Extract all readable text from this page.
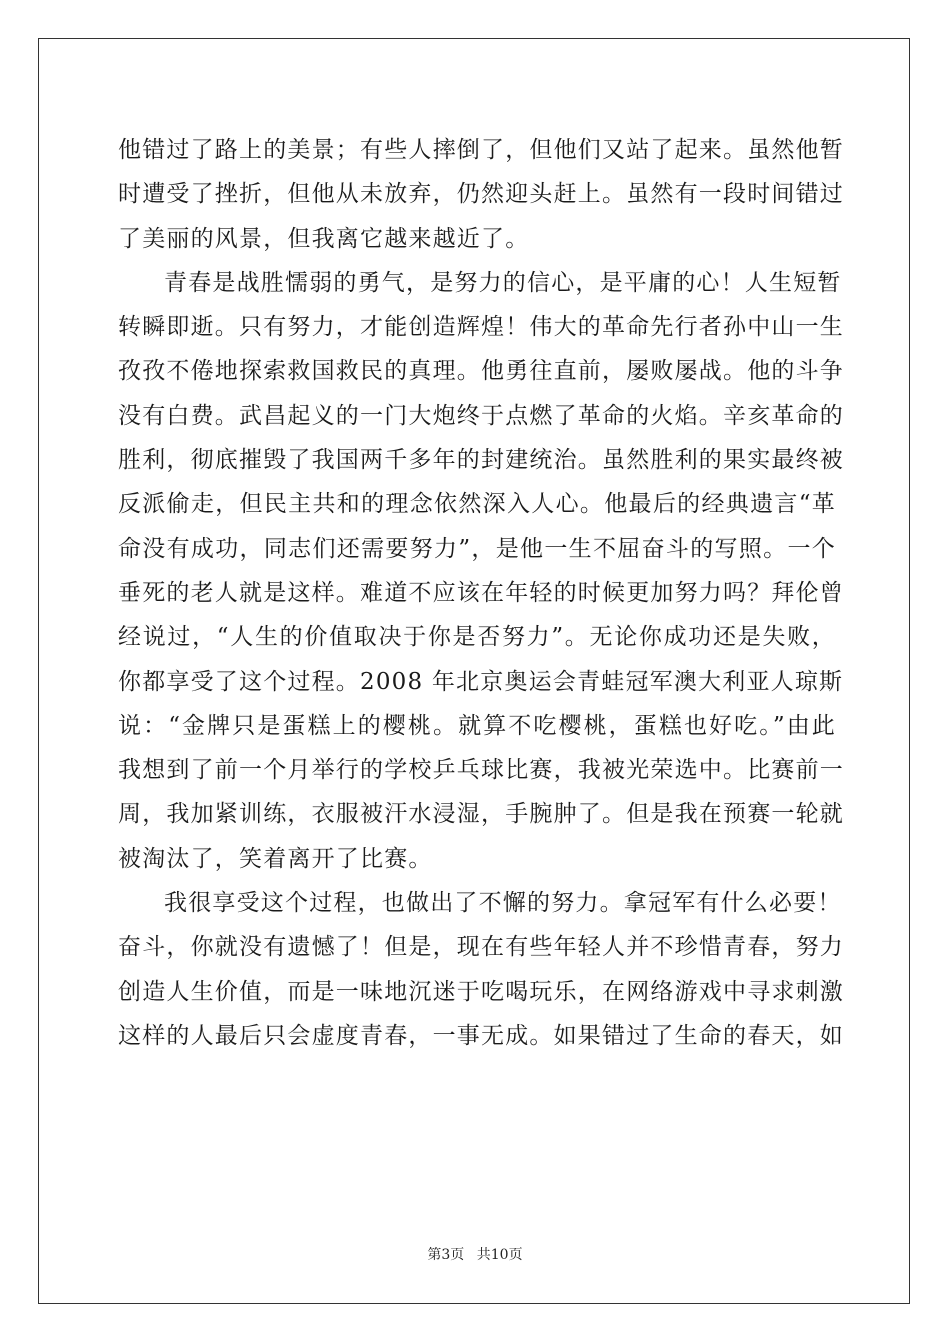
他错过了路上的美景；有些人摔倒了，但他们又站了起来。虽然他暂
时遭受了挫折，但他从未放弃，仍然迎头赶上。虽然有一段时间错过
了美丽的风景，但我离它越来越近了。
青春是战胜懦弱的勇气，是努力的信心，是平庸的心！人生短暂
转瞬即逝。只有努力，才能创造辉煌！伟大的革命先行者孙中山一生
孜孜不倦地探索救国救民的真理。他勇往直前，屡败屡战。他的斗争
没有白费。武昌起义的一门大炮终于点燃了革命的火焰。辛亥革命的
胜利，彻底摧毁了我国两千多年的封建统治。虽然胜利的果实最终被
反派偷走，但民主共和的理念依然深入人心。他最后的经典遗言“革
命没有成功，同志们还需要努力”，是他一生不屈奋斗的写照。一个
垂死的老人就是这样。难道不应该在年轻的时候更加努力吗？拜伦曾
经说过，“人生的价值取决于你是否努力”。无论你成功还是失败，
你都享受了这个过程。2008 年北京奥运会青蛙冠军澳大利亚人琼斯
说：“金牌只是蛋糕上的樱桃。就算不吃樱桃，蛋糕也好吃。”由此
我想到了前一个月举行的学校乒乓球比赛，我被光荣选中。比赛前一
周，我加紧训练，衣服被汗水浸湿，手腕肿了。但是我在预赛一轮就
被淘汰了，笑着离开了比赛。
我很享受这个过程，也做出了不懈的努力。拿冠军有什么必要！
奋斗，你就没有遗憾了！但是，现在有些年轻人并不珍惜青春，努力
创造人生价值，而是一味地沉迷于吃喝玩乐，在网络游戏中寻求刺激
这样的人最后只会虚度青春，一事无成。如果错过了生命的春天，如
第3页 共10页
